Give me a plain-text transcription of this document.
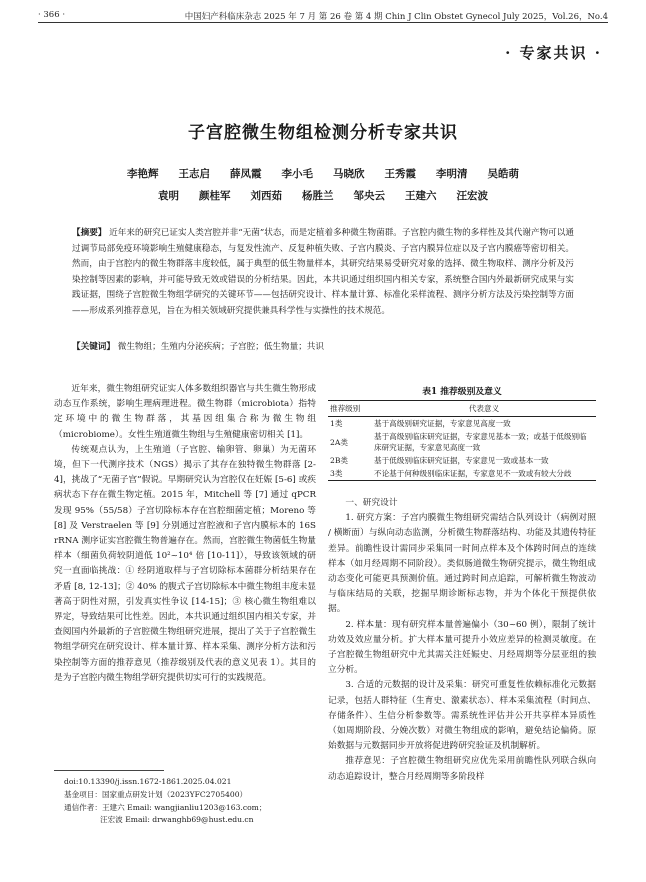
· 366 ·	中国妇产科临床杂志 2025 年 7 月 第 26 卷 第 4 期 Chin J Clin Obstet Gynecol July 2025，Vol.26，No.4
· 专家共识 ·
子宫腔微生物组检测分析专家共识
李艳辉 王志启 薛凤霞 李小毛 马晓欣 王秀霞 李明清 吴皓萌
袁明 颜桂军 刘西茹 杨胜兰 邹央云 王建六 汪宏波
【摘要】 近年来的研究已证实人类宫腔并非“无菌”状态，而是定植着多种微生物菌群。子宫腔内微生物的多样性及其代谢产物可以通过调节局部免疫环境影响生殖健康稳态，与复发性流产、反复种植失败、子宫内膜炎、子宫内膜异位症以及子宫内膜癌等密切相关。然而，由于宫腔内的微生物群落丰度较低，属于典型的低生物量样本，其研究结果易受研究对象的选择、微生物取样、测序分析及污染控制等因素的影响，并可能导致无效或错误的分析结果。因此，本共识通过组织国内相关专家，系统整合国内外最新研究成果与实践证据，围绕子宫腔微生物组学研究的关键环节——包括研究设计、样本量计算、标准化采样流程、测序分析方法及污染控制等方面——形成系列推荐意见，旨在为相关领域研究提供兼具科学性与实操性的技术规范。
【关键词】 微生物组；生殖内分泌疾病；子宫腔；低生物量；共识

近年来，微生物组研究证实人体多数组织器官与共生微生物形成动态互作系统，影响生理病理进程。微生物群（microbiota）指特定环境中的微生物群落，其基因组集合称为微生物组（microbiome）。女性生殖道微生物组与生殖健康密切相关 [1]。

传统观点认为，上生殖道（子宫腔、输卵管、卵巢）为无菌环境，但下一代测序技术（NGS）揭示了其存在独特微生物群落 [2-4]，挑战了“无菌子宫”假说。早期研究认为宫腔仅在妊娠 [5-6] 或疾病状态下存在微生物定植。2015 年，Mitchell 等 [7] 通过 qPCR 发现 95%（55/58）子宫切除标本存在宫腔细菌定植；Moreno 等 [8] 及 Verstraelen 等 [9] 分别通过宫腔液和子宫内膜标本的 16S rRNA 测序证实宫腔微生物普遍存在。然而，宫腔微生物菌低生物量样本（细菌负荷较阴道低 10²~10⁴ 倍 [10-11]），导致该领域的研究一直面临挑战：① 经阴道取样与子宫切除标本菌群分析结果存在矛盾 [8, 12-13]；② 40% 的腹式子宫切除标本中微生物组丰度未显著高于阴性对照，引发真实性争议 [14-15]；③ 核心微生物组难以界定，导致结果可比性差。因此，本共识通过组织国内相关专家，并查阅国内外最新的子宫腔微生物组研究进展，提出了关于子宫腔微生物组学研究在研究设计、样本量计算、样本采集、测序分析方法和污染控制等方面的推荐意见（推荐级别及代表的意义见表 1）。其目的是为子宫腔内微生物组学研究提供切实可行的实践规范。

doi:10.13390/j.issn.1672-1861.2025.04.021
基金项目：国家重点研发计划（2023YFC2705400）
通信作者：王建六 Email: wangjianliu1203@163.com；
汪宏波 Email: drwanghb69@hust.edu.cn
表1 推荐级别及意义
推荐级别	代表意义
1类	基于高级别研究证据，专家意见高度一致
2A类	基于高级别临床研究证据，专家意见基本一致；或基于低级别临床研究证据，专家意见高度一致
2B类	基于低级别临床研究证据，专家意见一致或基本一致
3类	不论基于何种级别临床证据，专家意见不一致或有较大分歧

一、研究设计

1. 研究方案：子宫内膜微生物组研究需结合队列设计（病例对照 / 横断面）与纵向动态监测，分析微生物群落结构、功能及其遗传特征差异。前瞻性设计需同步采集同一时间点样本及个体跨时间点的连续样本（如月经周期不同阶段）。类似肠道微生物研究提示，微生物组成动态变化可能更具预测价值。通过跨时间点追踪，可解析微生物波动与临床结局的关联，挖掘早期诊断标志物，并为个体化干预提供依据。

2. 样本量：现有研究样本量普遍偏小（30~60 例），限制了统计功效及效应量分析。扩大样本量可提升小效应差异的检测灵敏度。在子宫腔微生物组研究中尤其需关注妊娠史、月经周期等分层亚组的独立分析。

3. 合适的元数据的设计及采集：研究可重复性依赖标准化元数据记录，包括人群特征（生育史、激素状态）、样本采集流程（时间点、存储条件）、生信分析参数等。需系统性评估并公开共享样本异质性（如周期阶段、分娩次数）对微生物组成的影响，避免结论偏倚。原始数据与元数据同步开放将促进跨研究验证及机制解析。

推荐意见：子宫腔微生物组研究应优先采用前瞻性队列联合纵向动态追踪设计，整合月经周期等多阶段样
